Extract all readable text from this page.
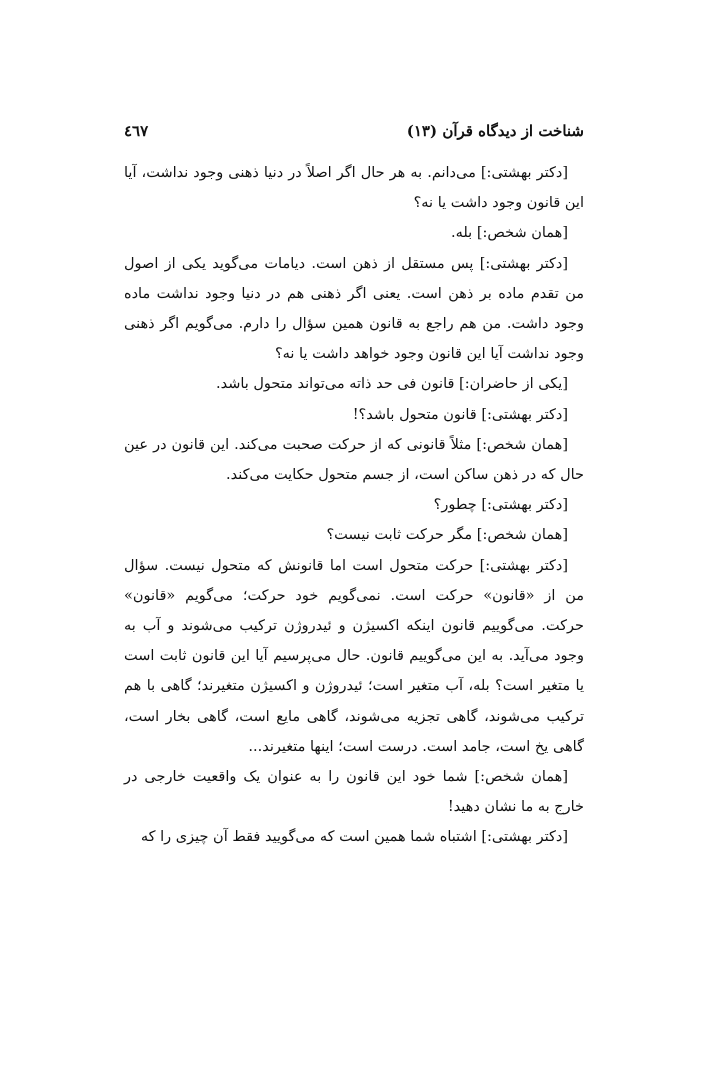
شناخت از دیدگاه قرآن (۱۳)
٤٦٧

[دکتر بهشتی:] می‌دانم. به هر حال اگر اصلاً در دنیا ذهنی وجود نداشت، آیا این قانون وجود داشت یا نه؟

[همان شخص:] بله.

[دکتر بهشتی:] پس مستقل از ذهن است. دیامات می‌گوید یکی از اصول من تقدم ماده بر ذهن است. یعنی اگر ذهنی هم در دنیا وجود نداشت ماده وجود داشت. من هم راجع به قانون همین سؤال را دارم. می‌گویم اگر ذهنی وجود نداشت آیا این قانون وجود خواهد داشت یا نه؟

[یکی از حاضران:] قانون فی حد ذاته می‌تواند متحول باشد.

[دکتر بهشتی:] قانون متحول باشد؟!

[همان شخص:] مثلاً قانونی که از حرکت صحبت می‌کند. این قانون در عین حال که در ذهن ساکن است، از جسم متحول حکایت می‌کند.

[دکتر بهشتی:] چطور؟

[همان شخص:] مگر حرکت ثابت نیست؟

[دکتر بهشتی:] حرکت متحول است اما قانونش که متحول نیست. سؤال من از «قانون» حرکت است. نمی‌گویم خود حرکت؛ می‌گویم «قانون» حرکت. می‌گوییم قانون اینکه اکسیژن و ئیدروژن ترکیب می‌شوند و آب به وجود می‌آید. به این می‌گوییم قانون. حال می‌پرسیم آیا این قانون ثابت است یا متغیر است؟ بله، آب متغیر است؛ ئیدروژن و اکسیژن متغیرند؛ گاهی با هم ترکیب می‌شوند، گاهی تجزیه می‌شوند، گاهی مایع است، گاهی بخار است، گاهی یخ است، جامد است. درست است؛ اینها متغیرند...

[همان شخص:] شما خود این قانون را به عنوان یک واقعیت خارجی در خارج به ما نشان دهید!

[دکتر بهشتی:] اشتباه شما همین است که می‌گویید فقط آن چیزی را که
